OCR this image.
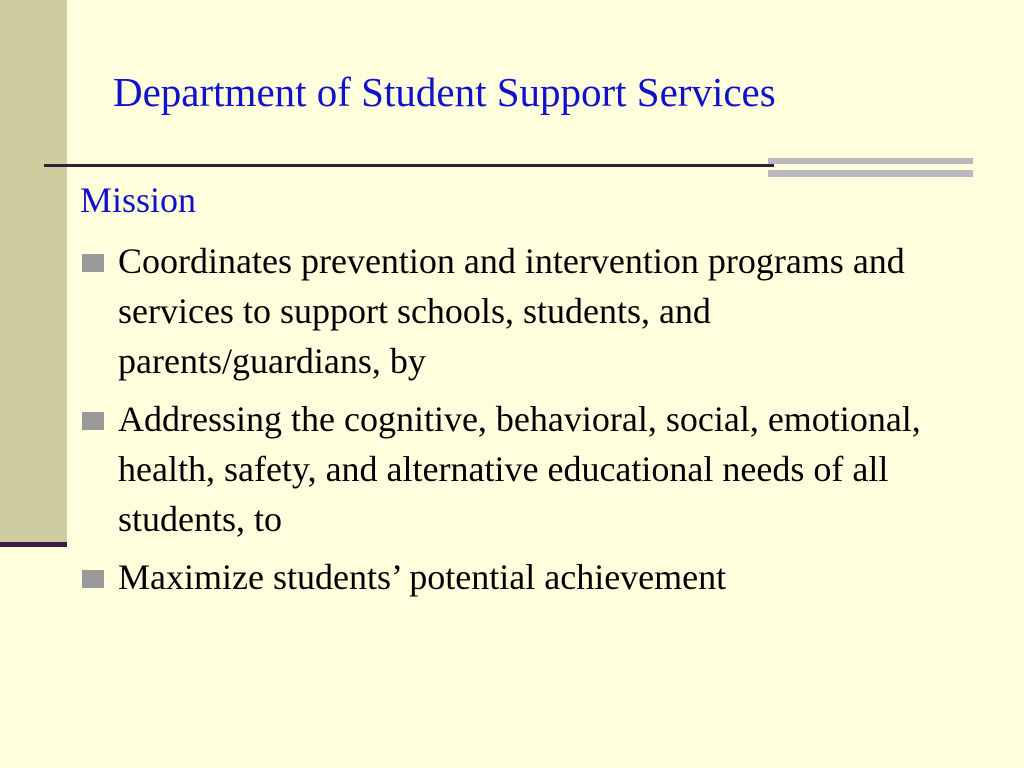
Department of Student Support Services
Mission
Coordinates prevention and intervention programs and services to support schools, students, and parents/guardians, by
Addressing the cognitive, behavioral, social, emotional, health, safety, and alternative educational needs of all students, to
Maximize students’ potential achievement
